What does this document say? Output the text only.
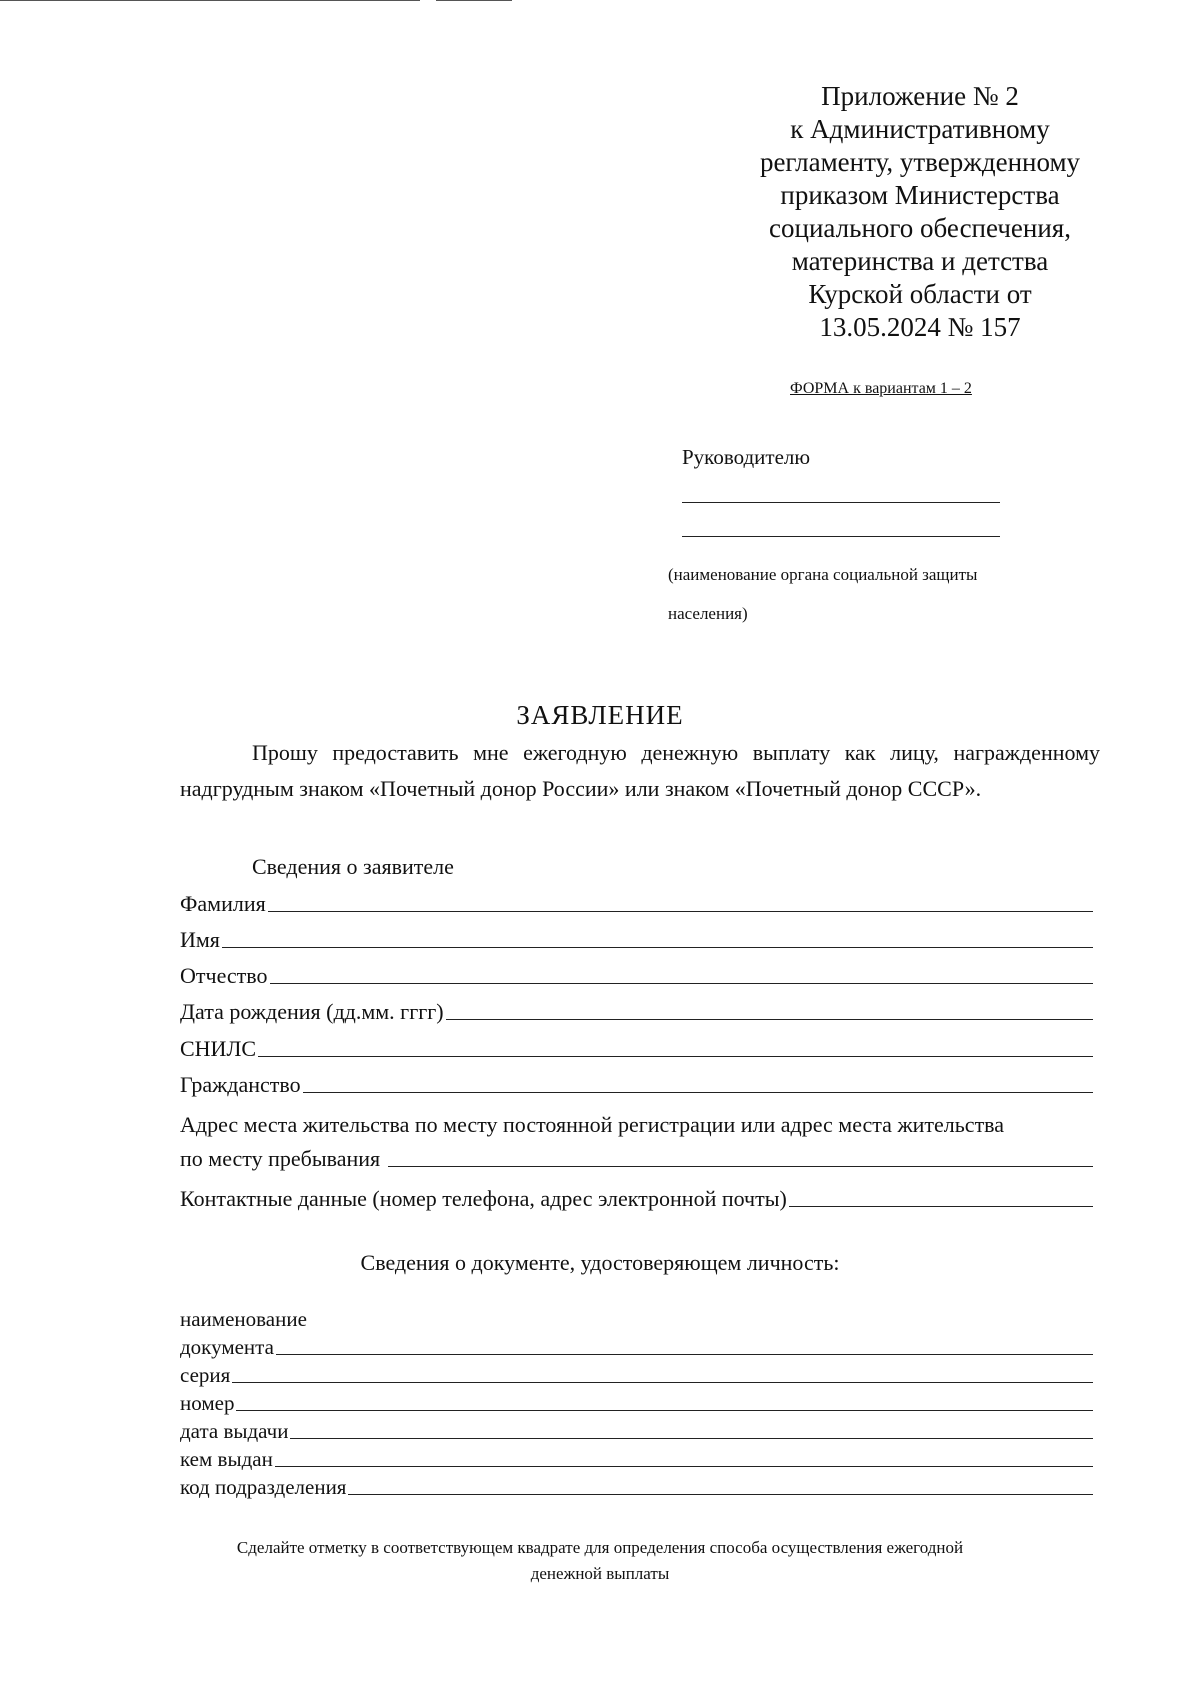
Приложение № 2
к Административному
регламенту, утвержденному
приказом Министерства
социального обеспечения,
материнства и детства
Курской области от
13.05.2024 № 157
ФОРМА к вариантам 1 – 2
Руководителю
(наименование органа социальной защиты
населения)
ЗАЯВЛЕНИЕ
Прошу предоставить мне ежегодную денежную выплату как лицу, награжденному надгрудным знаком «Почетный донор России» или знаком «Почетный донор СССР».
Сведения о заявителе
Фамилия
Имя
Отчество
Дата рождения (дд.мм. гггг)
СНИЛС
Гражданство
Адрес места жительства по месту постоянной регистрации или адрес места жительства
по месту пребывания
Контактные данные (номер телефона, адрес электронной почты)
Сведения о документе, удостоверяющем личность:
наименование
документа
серия
номер
дата выдачи
кем выдан
код подразделения
Сделайте отметку в соответствующем квадрате для определения способа осуществления ежегодной
денежной выплаты
